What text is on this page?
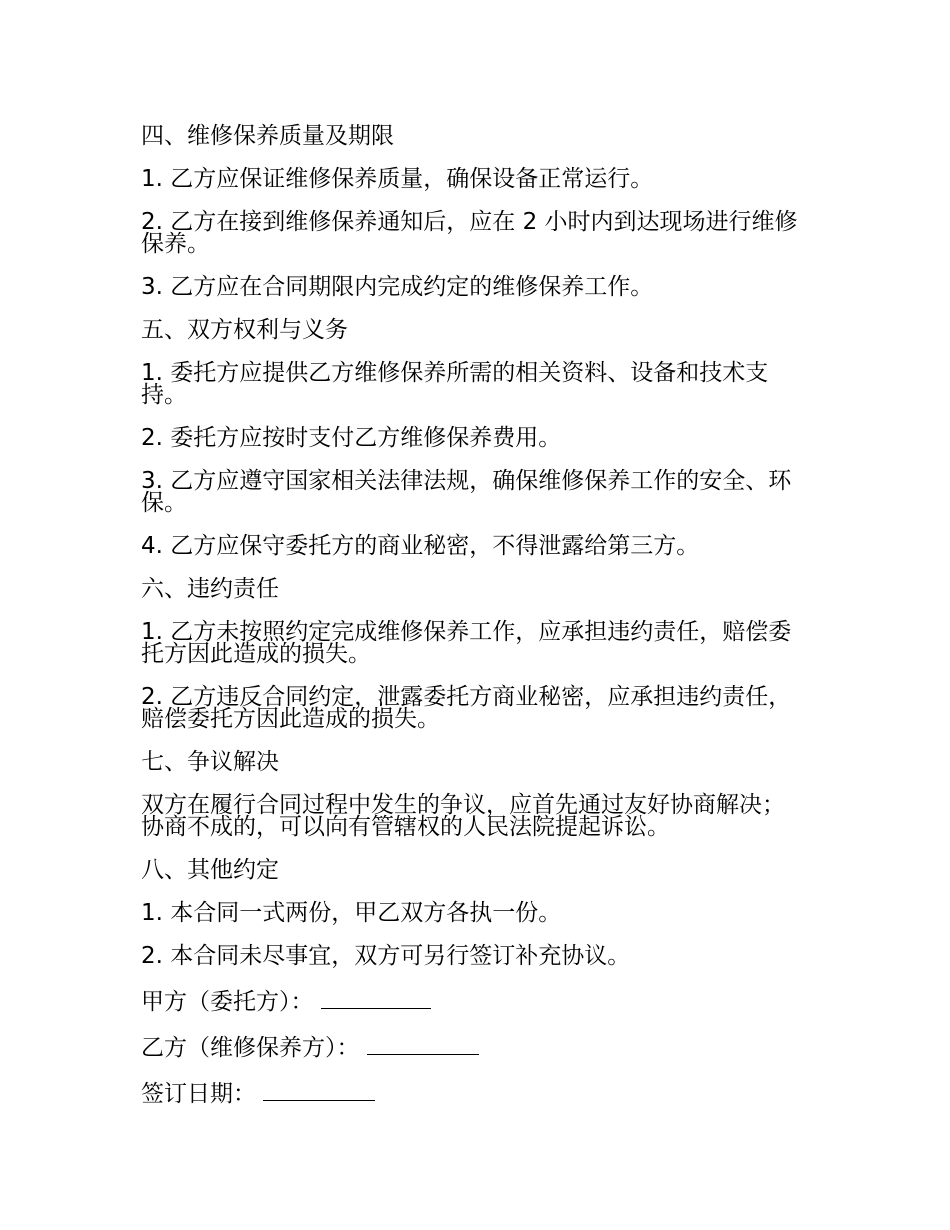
四、维修保养质量及期限

1. 乙方应保证维修保养质量，确保设备正常运行。

2. 乙方在接到维修保养通知后，应在 2 小时内到达现场进行维修保养。

3. 乙方应在合同期限内完成约定的维修保养工作。

五、双方权利与义务

1. 委托方应提供乙方维修保养所需的相关资料、设备和技术支持。

2. 委托方应按时支付乙方维修保养费用。

3. 乙方应遵守国家相关法律法规，确保维修保养工作的安全、环保。

4. 乙方应保守委托方的商业秘密，不得泄露给第三方。

六、违约责任

1. 乙方未按照约定完成维修保养工作，应承担违约责任，赔偿委托方因此造成的损失。

2. 乙方违反合同约定，泄露委托方商业秘密，应承担违约责任，赔偿委托方因此造成的损失。

七、争议解决

双方在履行合同过程中发生的争议，应首先通过友好协商解决；协商不成的，可以向有管辖权的人民法院提起诉讼。

八、其他约定

1. 本合同一式两份，甲乙双方各执一份。

2. 本合同未尽事宜，双方可另行签订补充协议。

甲方（委托方）：

乙方（维修保养方）：

签订日期：
